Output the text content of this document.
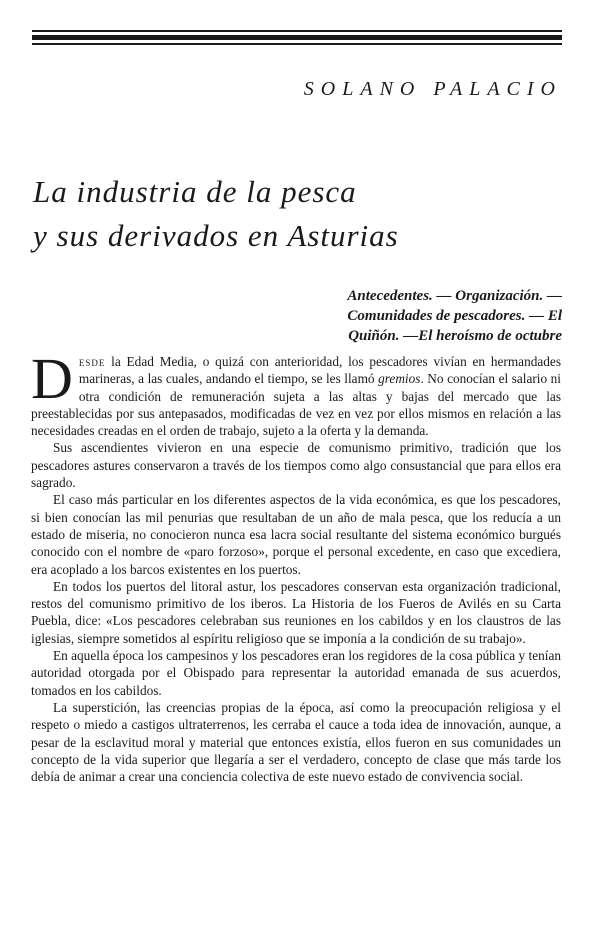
SOLANO PALACIO

La industria de la pesca
y sus derivados en Asturias
Antecedentes. — Organización. —
Comunidades de pescadores. — El
Quiñón. —El heroísmo de octubre

Desde la Edad Media, o quizá con anterioridad, los pescadores vivían en hermandades marineras, a las cuales, andando el tiempo, se les llamó gremios. No conocían el salario ni otra condición de remuneración sujeta a las altas y bajas del mercado que las preestablecidas por sus antepasados, modificadas de vez en vez por ellos mismos en relación a las necesidades creadas en el orden de trabajo, sujeto a la oferta y la demanda.

Sus ascendientes vivieron en una especie de comunismo primitivo, tradición que los pescadores astures conservaron a través de los tiempos como algo consustancial que para ellos era sagrado.

El caso más particular en los diferentes aspectos de la vida económica, es que los pescadores, si bien conocían las mil penurias que resultaban de un año de mala pesca, que los reducía a un estado de miseria, no conocieron nunca esa lacra social resultante del sistema económico burgués conocido con el nombre de «paro forzoso», porque el personal excedente, en caso que excediera, era acoplado a los barcos existentes en los puertos.

En todos los puertos del litoral astur, los pescadores conservan esta organización tradicional, restos del comunismo primitivo de los iberos. La Historia de los Fueros de Avilés en su Carta Puebla, dice: «Los pescadores celebraban sus reuniones en los cabildos y en los claustros de las iglesias, siempre sometidos al espíritu religioso que se imponía a la condición de su trabajo».

En aquella época los campesinos y los pescadores eran los regidores de la cosa pública y tenían autoridad otorgada por el Obispado para representar la autoridad emanada de sus acuerdos, tomados en los cabildos.

La superstición, las creencias propias de la época, así como la preocupación religiosa y el respeto o miedo a castigos ultraterrenos, les cerraba el cauce a toda idea de innovación, aunque, a pesar de la esclavitud moral y material que entonces existía, ellos fueron en sus comunidades un concepto de la vida superior que llegaría a ser el verdadero, concepto de clase que más tarde los debía de animar a crear una conciencia colectiva de este nuevo estado de convivencia social.
